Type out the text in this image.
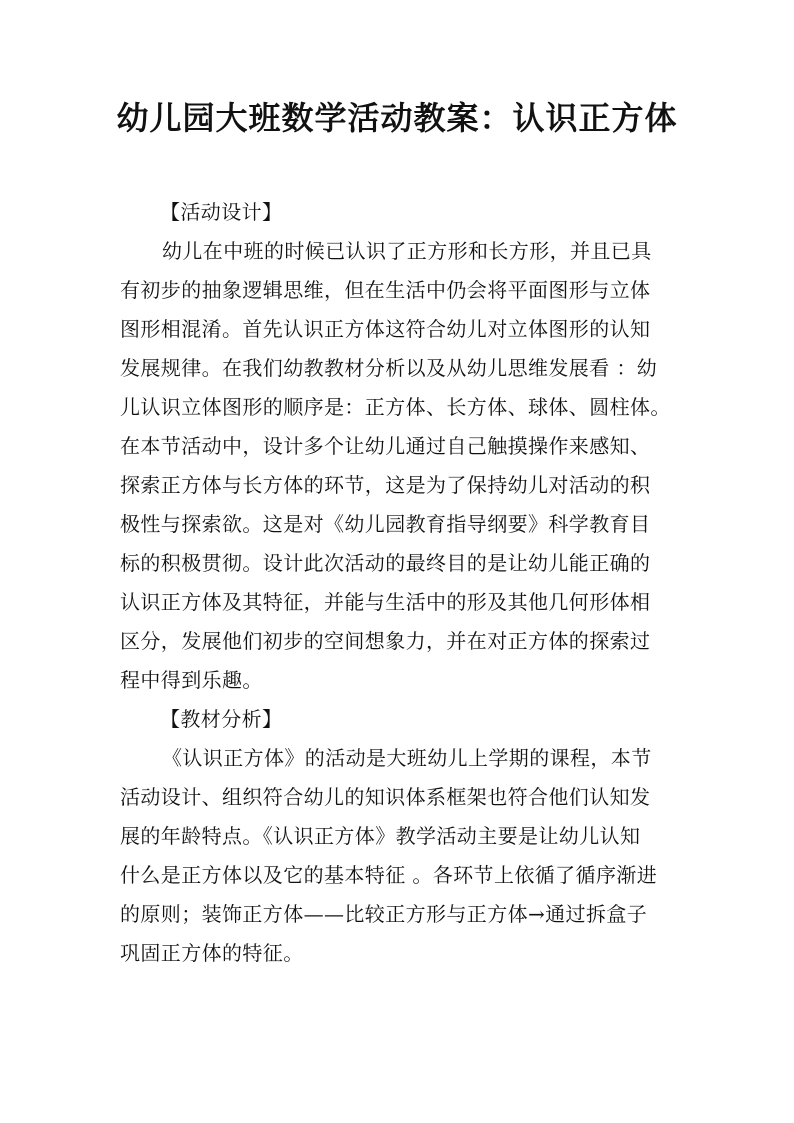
幼儿园大班数学活动教案：认识正方体
【活动设计】
幼儿在中班的时候已认识了正方形和长方形，并且已具
有初步的抽象逻辑思维，但在生活中仍会将平面图形与立体
图形相混淆。首先认识正方体这符合幼儿对立体图形的认知
发展规律。在我们幼教教材分析以及从幼儿思维发展看 ：幼
儿认识立体图形的顺序是：正方体、长方体、球体、圆柱体。
在本节活动中，设计多个让幼儿通过自己触摸操作来感知、
探索正方体与长方体的环节，这是为了保持幼儿对活动的积
极性与探索欲。这是对《幼儿园教育指导纲要》科学教育目
标的积极贯彻。设计此次活动的最终目的是让幼儿能正确的
认识正方体及其特征，并能与生活中的形及其他几何形体相
区分，发展他们初步的空间想象力，并在对正方体的探索过
程中得到乐趣。
【教材分析】
《认识正方体》的活动是大班幼儿上学期的课程，本节
活动设计、组织符合幼儿的知识体系框架也符合他们认知发
展的年龄特点。《认识正方体》教学活动主要是让幼儿认知
什么是正方体以及它的基本特征 。各环节上依循了循序渐进
的原则；装饰正方体——比较正方形与正方体→通过拆盒子
巩固正方体的特征。
